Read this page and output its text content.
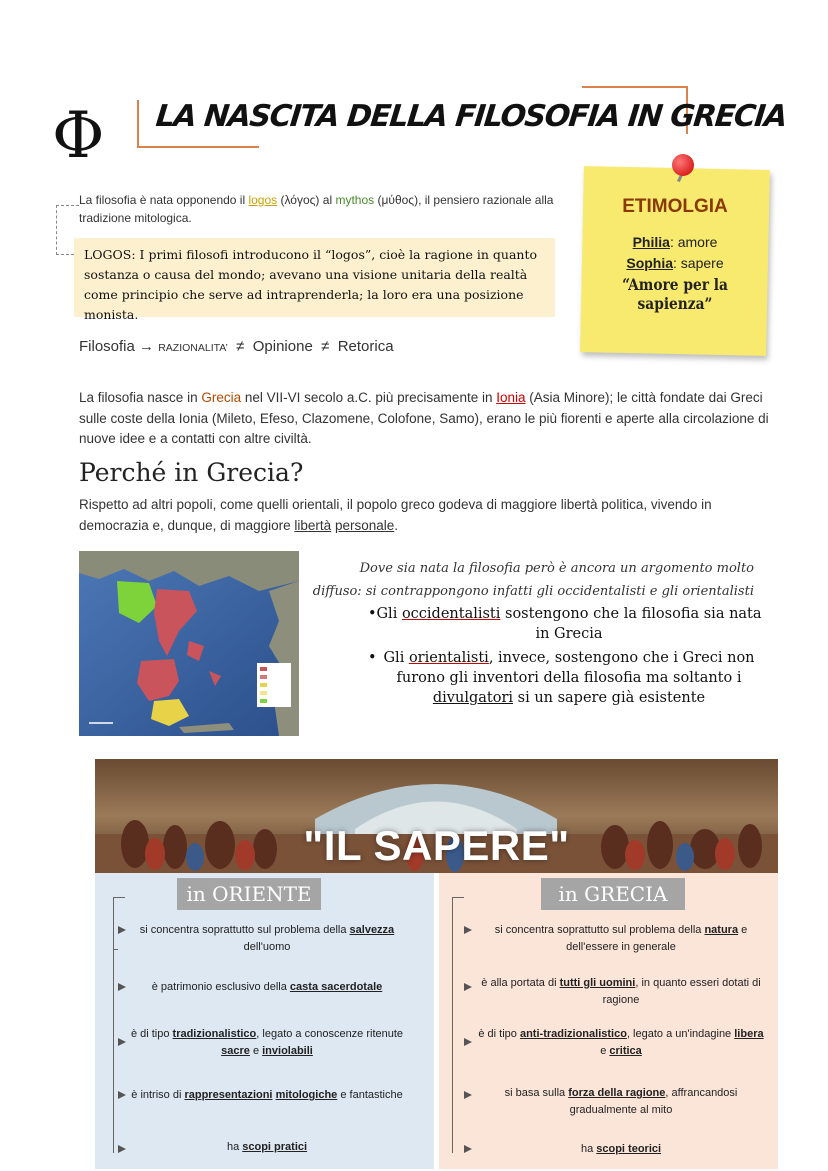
Φ LA NASCITA DELLA FILOSOFIA IN GRECIA
La filosofia è nata opponendo il logos (λόγος) al mythos (μύθος), il pensiero razionale alla tradizione mitologica.
LOGOS: I primi filosofi introducono il “logos”, cioè la ragione in quanto sostanza o causa del mondo; avevano una visione unitaria della realtà come principio che serve ad intraprenderla; la loro era una posizione monista.
ETIMOLGIA
Philia: amore
Sophia: sapere
“Amore per la sapienza”
Filosofia → RAZIONALITA’ ≠ Opinione ≠ Retorica
La filosofia nasce in Grecia nel VII-VI secolo a.C. più precisamente in Ionia (Asia Minore); le città fondate dai Greci sulle coste della Ionia (Mileto, Efeso, Clazomene, Colofone, Samo), erano le più fiorenti e aperte alla circolazione di nuove idee e a contatti con altre civiltà.
Perché in Grecia?
Rispetto ad altri popoli, come quelli orientali, il popolo greco godeva di maggiore libertà politica, vivendo in democrazia e, dunque, di maggiore libertà personale.
Dove sia nata la filosofia però è ancora un argomento molto diffuso: si contrappongono infatti gli occidentalisti e gli orientalisti
• Gli occidentalisti sostengono che la filosofia sia nata in Grecia
• Gli orientalisti, invece, sostengono che i Greci non furono gli inventori della filosofia ma soltanto i divulgatori si un sapere già esistente
"IL SAPERE"
in ORIENTE	in GRECIA
si concentra soprattutto sul problema della salvezza dell'uomo
è patrimonio esclusivo della casta sacerdotale
è di tipo tradizionalistico, legato a conoscenze ritenute sacre e inviolabili
è intriso di rappresentazioni mitologiche e fantastiche
ha scopi pratici
si concentra soprattutto sul problema della natura e dell'essere in generale
è alla portata di tutti gli uomini, in quanto esseri dotati di ragione
è di tipo anti-tradizionalistico, legato a un'indagine libera e critica
si basa sulla forza della ragione, affrancandosi gradualmente al mito
ha scopi teorici
